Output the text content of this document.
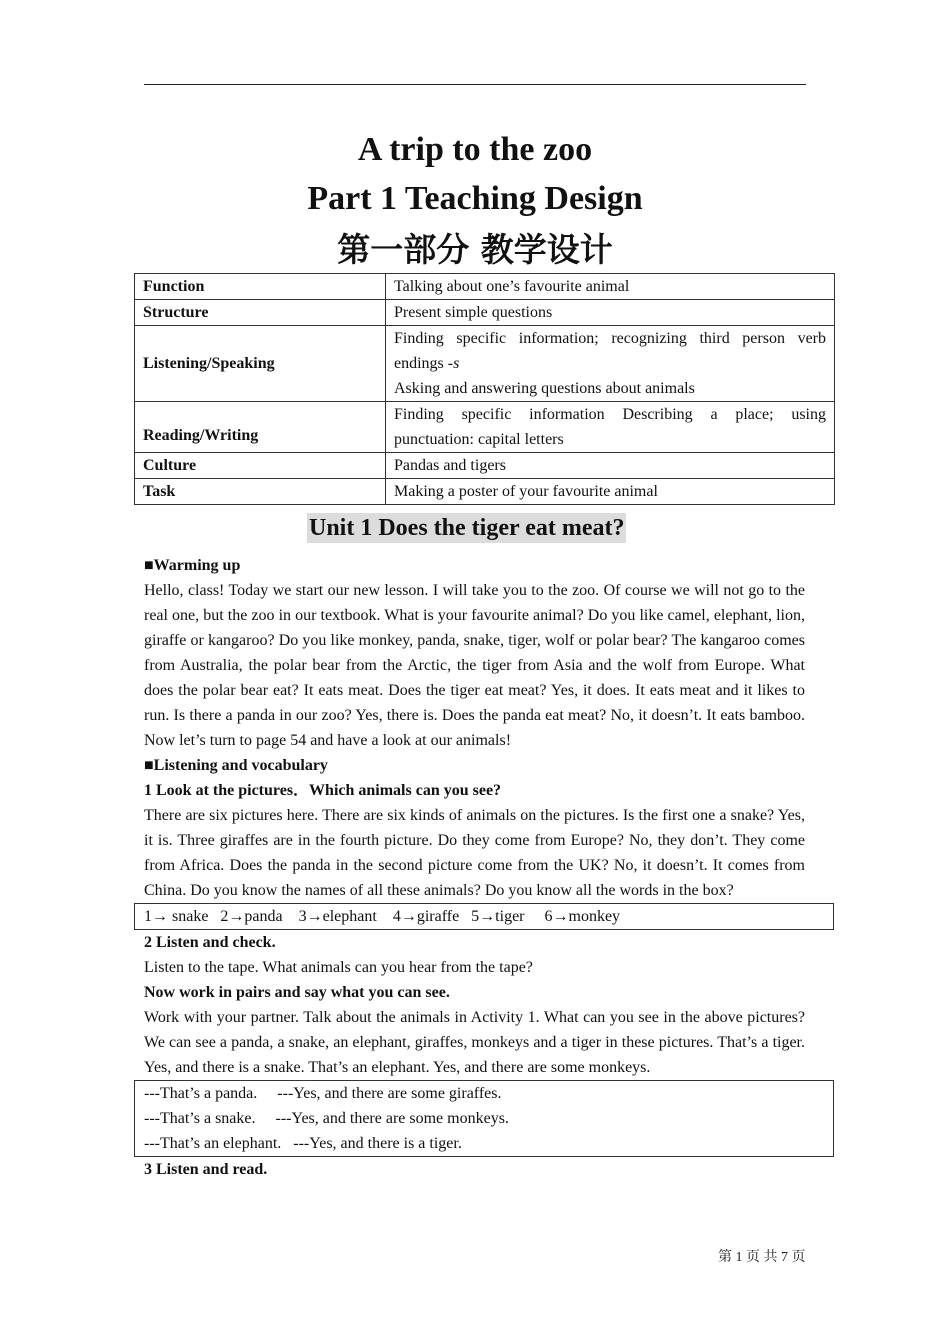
A trip to the zoo
Part 1 Teaching Design
第一部分 教学设计
Function	Talking about one’s favourite animal
Structure	Present simple questions
Listening/Speaking	Finding specific information; recognizing third person verb endings -s
Asking and answering questions about animals

Reading/Writing	Finding specific information Describing a place; using punctuation: capital letters
Culture	Pandas and tigers
Task	Making a poster of your favourite animal
Unit 1 Does the tiger eat meat?

■Warming up

Hello, class! Today we start our new lesson. I will take you to the zoo. Of course we will not go to the real one, but the zoo in our textbook. What is your favourite animal? Do you like camel, elephant, lion, giraffe or kangaroo? Do you like monkey, panda, snake, tiger, wolf or polar bear? The kangaroo comes from Australia, the polar bear from the Arctic, the tiger from Asia and the wolf from Europe. What does the polar bear eat? It eats meat. Does the tiger eat meat? Yes, it does. It eats meat and it likes to run. Is there a panda in our zoo? Yes, there is. Does the panda eat meat? No, it doesn’t. It eats bamboo. Now let’s turn to page 54 and have a look at our animals!

■Listening and vocabulary

1 Look at the pictures．Which animals can you see?

There are six pictures here. There are six kinds of animals on the pictures. Is the first one a snake? Yes, it is. Three giraffes are in the fourth picture. Do they come from Europe? No, they don’t. They come from Africa. Does the panda in the second picture come from the UK? No, it doesn’t. It comes from China. Do you know the names of all these animals? Do you know all the words in the box?

1→ snake   2→panda    3→elephant    4→giraffe   5→tiger     6→monkey

2 Listen and check.

Listen to the tape. What animals can you hear from the tape?

Now work in pairs and say what you can see.

Work with your partner. Talk about the animals in Activity 1. What can you see in the above pictures? We can see a panda, a snake, an elephant, giraffes, monkeys and a tiger in these pictures. That’s a tiger. Yes, and there is a snake. That’s an elephant. Yes, and there are some monkeys.

---That’s a panda.     ---Yes, and there are some giraffes.
---That’s a snake.     ---Yes, and there are some monkeys.
---That’s an elephant.   ---Yes, and there is a tiger.

3 Listen and read.

第 1 页 共 7 页
